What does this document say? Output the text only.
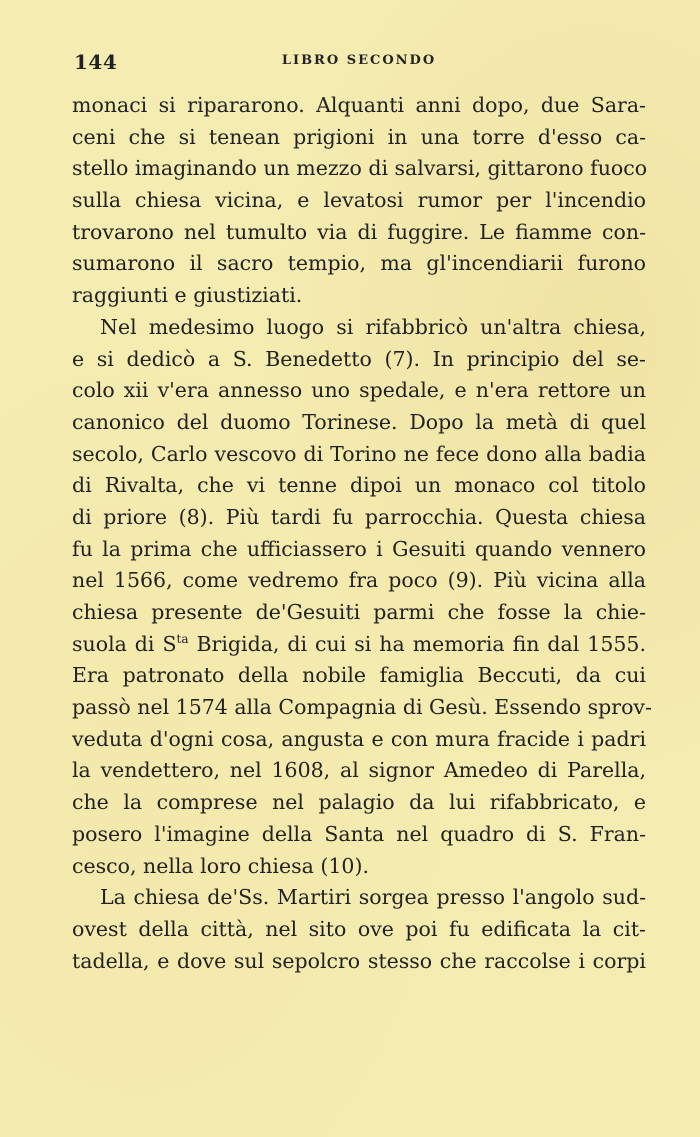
144	LIBRO SECONDO
monaci si ripararono. Alquanti anni dopo, due Sara-
ceni che si tenean prigioni in una torre d'esso ca-
stello imaginando un mezzo di salvarsi, gittarono fuoco
sulla chiesa vicina, e levatosi rumor per l'incendio
trovarono nel tumulto via di fuggire. Le fiamme con-
sumarono il sacro tempio, ma gl'incendiarii furono
raggiunti e giustiziati.
Nel medesimo luogo si rifabbricò un'altra chiesa,
e si dedicò a S. Benedetto (7). In principio del se-
colo xii v'era annesso uno spedale, e n'era rettore un
canonico del duomo Torinese. Dopo la metà di quel
secolo, Carlo vescovo di Torino ne fece dono alla badia
di Rivalta, che vi tenne dipoi un monaco col titolo
di priore (8). Più tardi fu parrocchia. Questa chiesa
fu la prima che ufficiassero i Gesuiti quando vennero
nel 1566, come vedremo fra poco (9). Più vicina alla
chiesa presente de'Gesuiti parmi che fosse la chie-
suola di $S^{ta}$ Brigida, di cui si ha memoria fin dal 1555.
Era patronato della nobile famiglia Beccuti, da cui
passò nel 1574 alla Compagnia di Gesù. Essendo sprov-
veduta d'ogni cosa, angusta e con mura fracide i padri
la vendettero, nel 1608, al signor Amedeo di Parella,
che la comprese nel palagio da lui rifabbricato, e
posero l'imagine della Santa nel quadro di S. Fran-
cesco, nella loro chiesa (10).
La chiesa de'Ss. Martiri sorgea presso l'angolo sud-
ovest della città, nel sito ove poi fu edificata la cit-
tadella, e dove sul sepolcro stesso che raccolse i corpi
